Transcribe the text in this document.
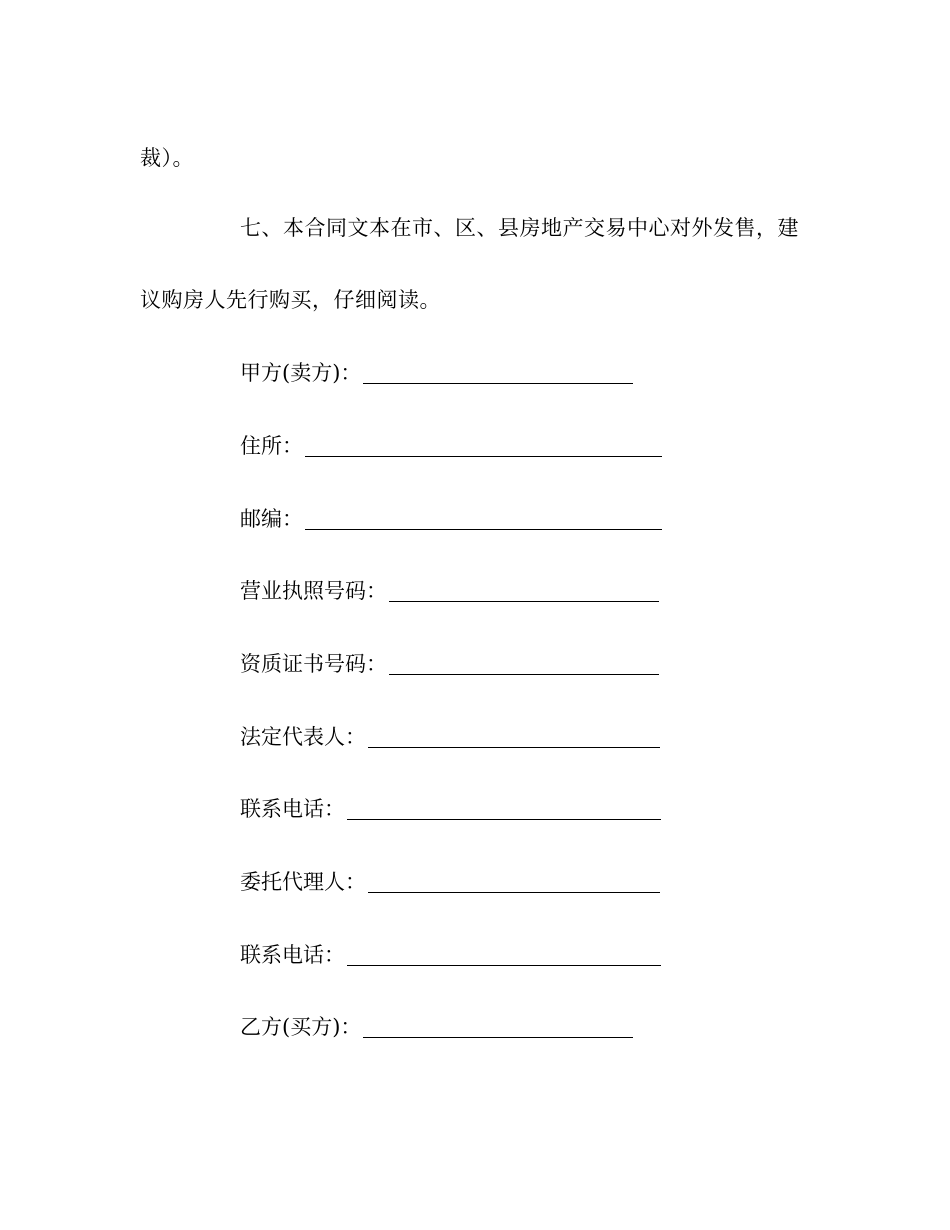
裁）。
七、本合同文本在市、区、县房地产交易中心对外发售，建
议购房人先行购买，仔细阅读。
甲方(卖方)：
住所：
邮编：
营业执照号码：
资质证书号码：
法定代表人：
联系电话：
委托代理人：
联系电话：
乙方(买方)：
